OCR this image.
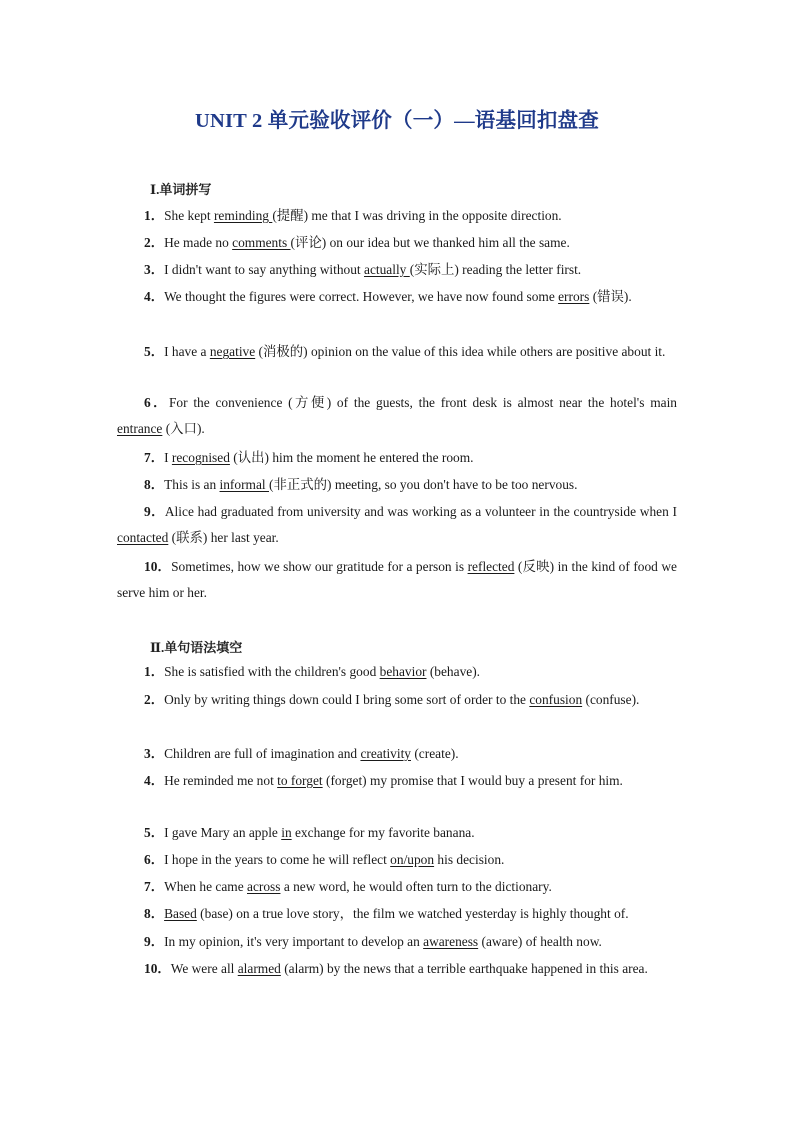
UNIT 2 单元验收评价（一）—语基回扣盘查
Ⅰ.单词拼写
1．She kept reminding (提醒) me that I was driving in the opposite direction.
2．He made no comments (评论) on our idea but we thanked him all the same.
3．I didn't want to say anything without actually (实际上) reading the letter first.
4．We thought the figures were correct. However, we have now found some errors (错误).
5．I have a negative (消极的) opinion on the value of this idea while others are positive about it.
6．For the convenience (方便) of the guests, the front desk is almost near the hotel's main entrance (入口).
7．I recognised (认出) him the moment he entered the room.
8．This is an informal (非正式的) meeting, so you don't have to be too nervous.
9．Alice had graduated from university and was working as a volunteer in the countryside when I contacted (联系) her last year.
10．Sometimes, how we show our gratitude for a person is reflected (反映) in the kind of food we serve him or her.
Ⅱ.单句语法填空
1．She is satisfied with the children's good behavior (behave).
2．Only by writing things down could I bring some sort of order to the confusion (confuse).
3．Children are full of imagination and creativity (create).
4．He reminded me not to forget (forget) my promise that I would buy a present for him.
5．I gave Mary an apple in exchange for my favorite banana.
6．I hope in the years to come he will reflect on/upon his decision.
7．When he came across a new word, he would often turn to the dictionary.
8．Based (base) on a true love story，the film we watched yesterday is highly thought of.
9．In my opinion, it's very important to develop an awareness (aware) of health now.
10．We were all alarmed (alarm) by the news that a terrible earthquake happened in this area.
